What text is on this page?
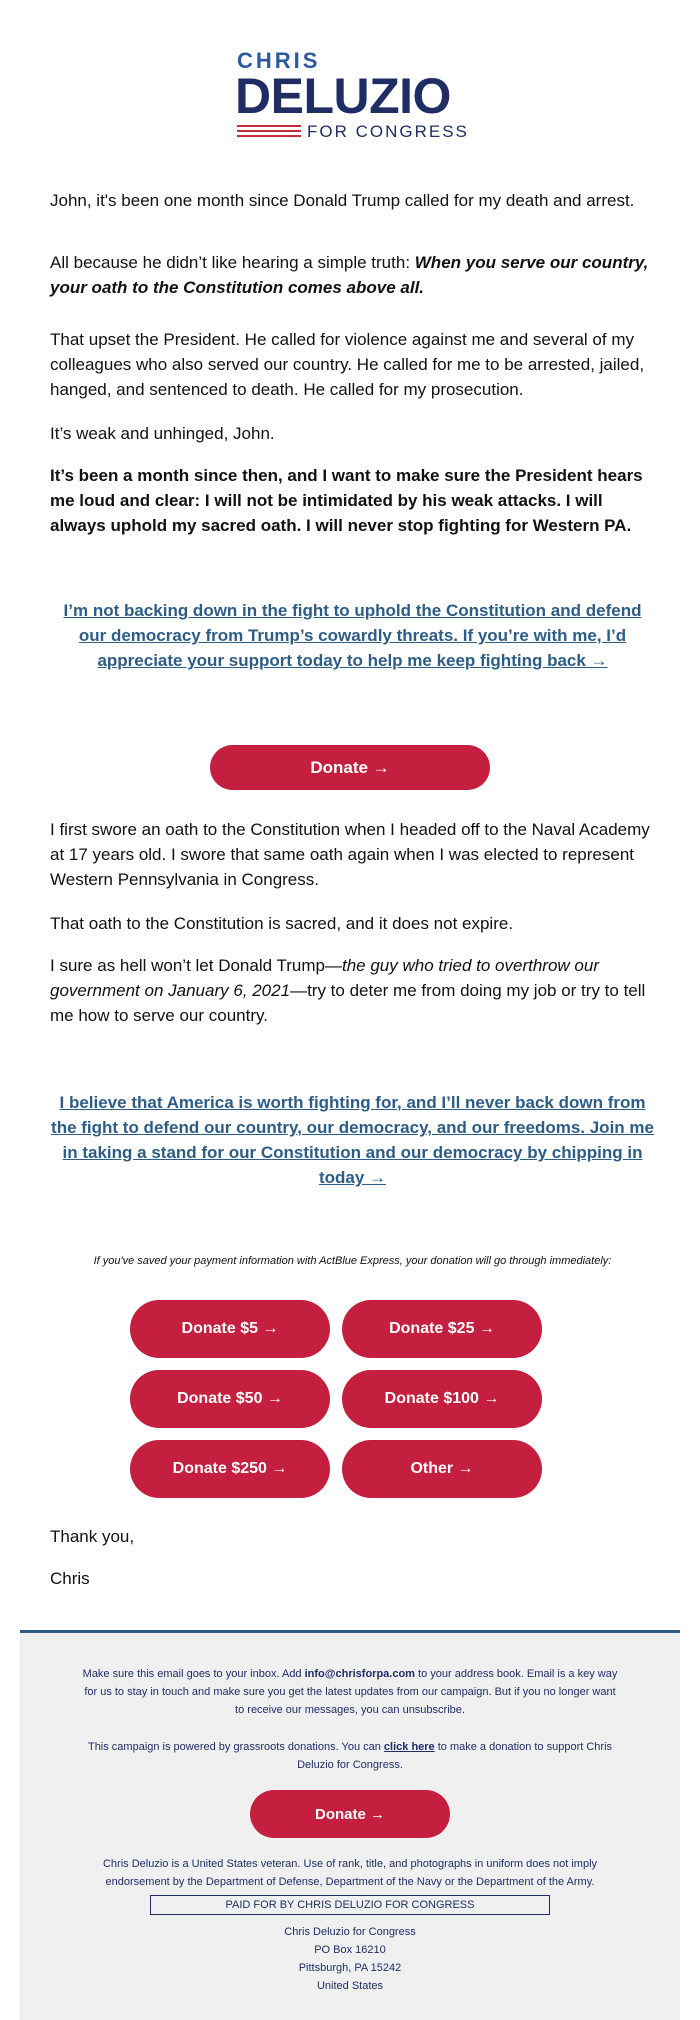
CHRIS
DELUZIO
FOR CONGRESS

John, it's been one month since Donald Trump called for my death and arrest.

All because he didn’t like hearing a simple truth: When you serve our country, your oath to the Constitution comes above all.

That upset the President. He called for violence against me and several of my colleagues who also served our country. He called for me to be arrested, jailed, hanged, and sentenced to death. He called for my prosecution.

It’s weak and unhinged, John.

It’s been a month since then, and I want to make sure the President hears me loud and clear: I will not be intimidated by his weak attacks. I will always uphold my sacred oath. I will never stop fighting for Western PA.

I’m not backing down in the fight to uphold the Constitution and defend our democracy from Trump’s cowardly threats. If you’re with me, I’d appreciate your support today to help me keep fighting back →
Donate →

I first swore an oath to the Constitution when I headed off to the Naval Academy at 17 years old. I swore that same oath again when I was elected to represent Western Pennsylvania in Congress.

That oath to the Constitution is sacred, and it does not expire.

I sure as hell won’t let Donald Trump—the guy who tried to overthrow our government on January 6, 2021—try to deter me from doing my job or try to tell me how to serve our country.

I believe that America is worth fighting for, and I’ll never back down from the fight to defend our country, our democracy, and our freedoms. Join me in taking a stand for our Constitution and our democracy by chipping in today →

If you've saved your payment information with ActBlue Express, your donation will go through immediately:

Donate $5 →	Donate $25 →
Donate $50 →	Donate $100 →
Donate $250 →	Other →

Thank you,

Chris

Make sure this email goes to your inbox. Add info@chrisforpa.com to your address book. Email is a key way for us to stay in touch and make sure you get the latest updates from our campaign. But if you no longer want to receive our messages, you can unsubscribe.

This campaign is powered by grassroots donations. You can click here to make a donation to support Chris Deluzio for Congress.

Donate →

Chris Deluzio is a United States veteran. Use of rank, title, and photographs in uniform does not imply endorsement by the Department of Defense, Department of the Navy or the Department of the Army.

PAID FOR BY CHRIS DELUZIO FOR CONGRESS

Chris Deluzio for Congress

PO Box 16210

Pittsburgh, PA 15242

United States
